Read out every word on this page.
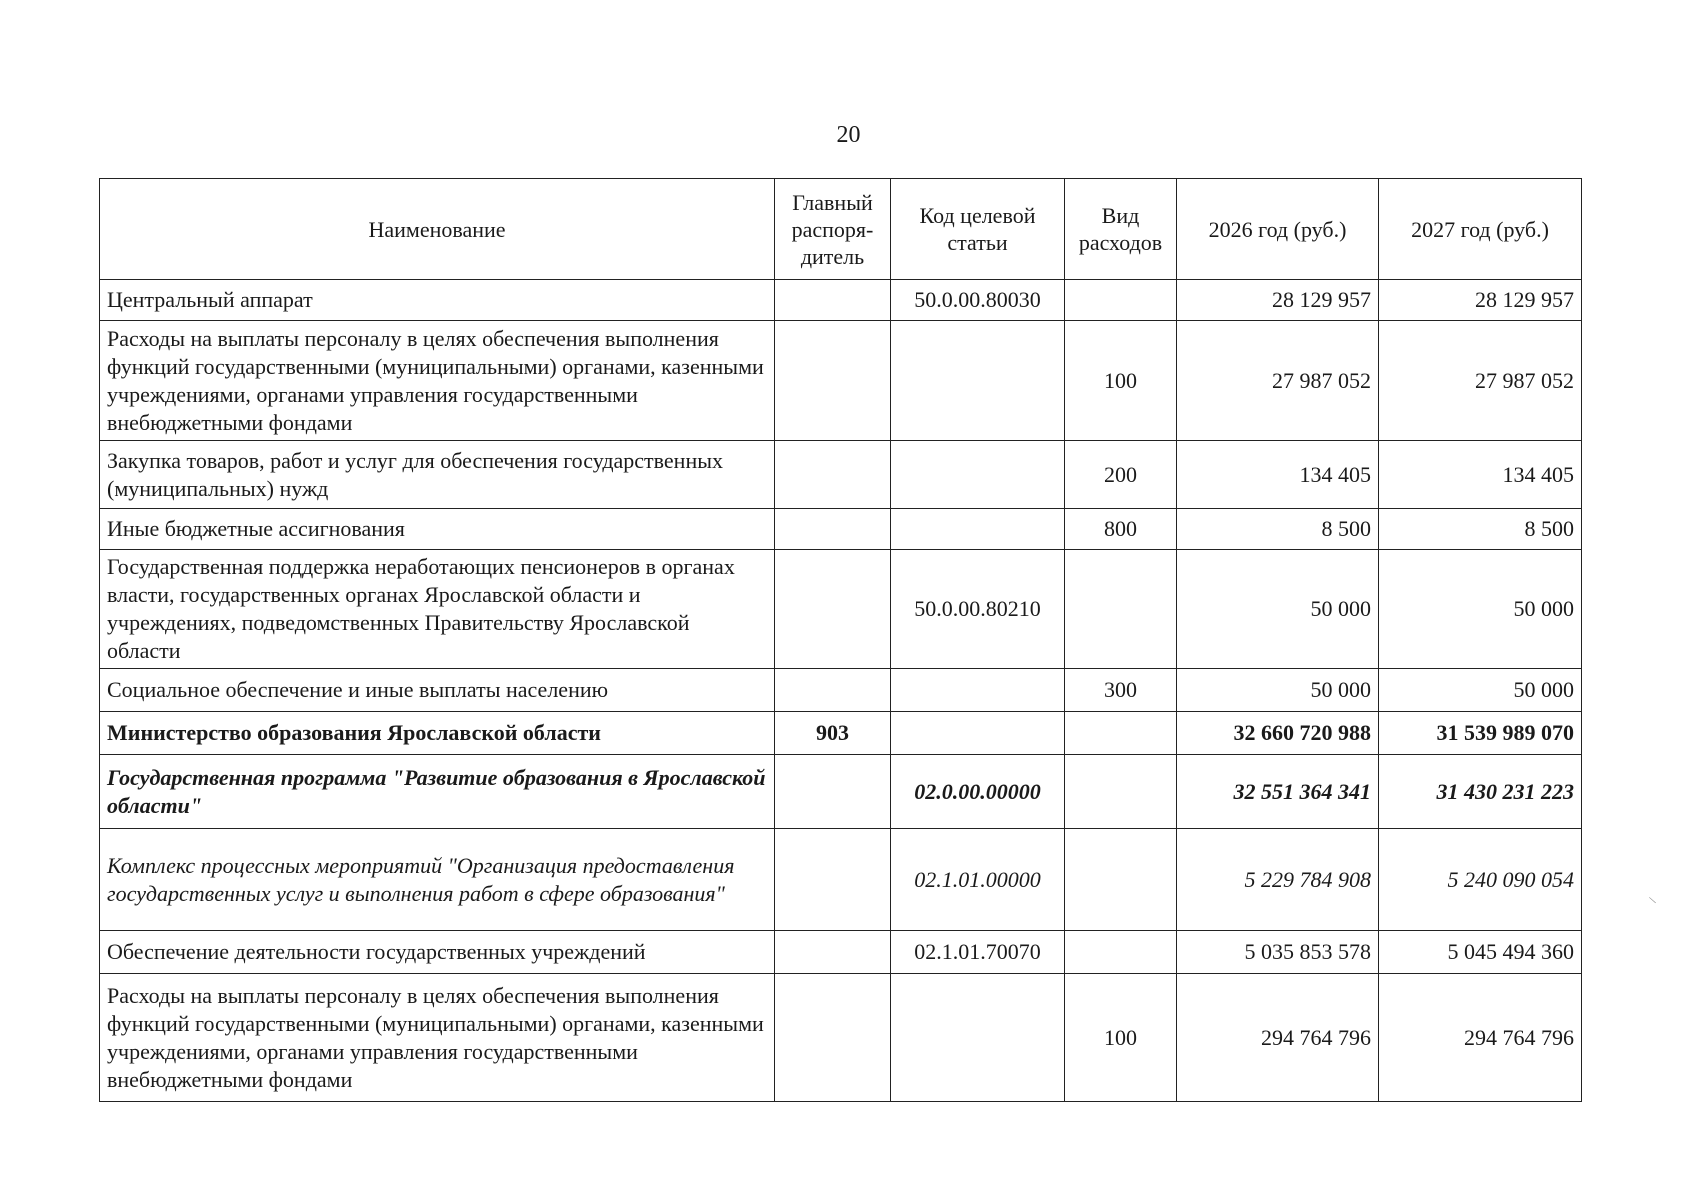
20
Наименование	Главный распоря-дитель	Код целевой статьи	Вид расходов	2026 год (руб.)	2027 год (руб.)
Центральный аппарат		50.0.00.80030		28 129 957	28 129 957
Расходы на выплаты персоналу в целях обеспечения выполнения функций государственными (муниципальными) органами, казенными учреждениями, органами управления государственными внебюджетными фондами			100	27 987 052	27 987 052
Закупка товаров, работ и услуг для обеспечения государственных (муниципальных) нужд			200	134 405	134 405
Иные бюджетные ассигнования			800	8 500	8 500
Государственная поддержка неработающих пенсионеров в органах власти, государственных органах Ярославской области и учреждениях, подведомственных Правительству Ярославской области		50.0.00.80210		50 000	50 000
Социальное обеспечение и иные выплаты населению			300	50 000	50 000
Министерство образования Ярославской области	903			32 660 720 988	31 539 989 070
Государственная программа "Развитие образования в Ярославской области"		02.0.00.00000		32 551 364 341	31 430 231 223
Комплекс процессных мероприятий "Организация предоставления государственных услуг и выполнения работ в сфере образования"		02.1.01.00000		5 229 784 908	5 240 090 054
Обеспечение деятельности государственных учреждений		02.1.01.70070		5 035 853 578	5 045 494 360
Расходы на выплаты персоналу в целях обеспечения выполнения функций государственными (муниципальными) органами, казенными учреждениями, органами управления государственными внебюджетными фондами			100	294 764 796	294 764 796
\
